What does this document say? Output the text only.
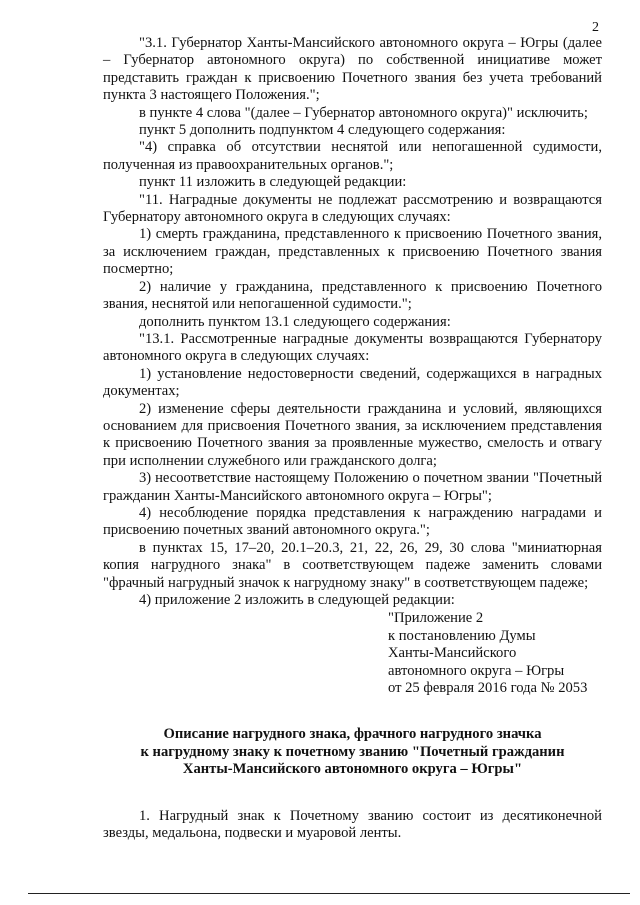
2

"3.1. Губернатор Ханты-Мансийского автономного округа – Югры (далее – Губернатор автономного округа) по собственной инициативе может представить граждан к присвоению Почетного звания без учета требований пункта 3 настоящего Положения.";

в пункте 4 слова "(далее – Губернатор автономного округа)" исключить;

пункт 5 дополнить подпунктом 4 следующего содержания:

"4) справка об отсутствии неснятой или непогашенной судимости, полученная из правоохранительных органов.";

пункт 11 изложить в следующей редакции:

"11. Наградные документы не подлежат рассмотрению и возвращаются Губернатору автономного округа в следующих случаях:

1) смерть гражданина, представленного к присвоению Почетного звания, за исключением граждан, представленных к присвоению Почетного звания посмертно;

2) наличие у гражданина, представленного к присвоению Почетного звания, неснятой или непогашенной судимости.";

дополнить пунктом 13.1 следующего содержания:

"13.1. Рассмотренные наградные документы возвращаются Губернатору автономного округа в следующих случаях:

1) установление недостоверности сведений, содержащихся в наградных документах;

2) изменение сферы деятельности гражданина и условий, являющихся основанием для присвоения Почетного звания, за исключением представления к присвоению Почетного звания за проявленные мужество, смелость и отвагу при исполнении служебного или гражданского долга;

3) несоответствие настоящему Положению о почетном звании "Почетный гражданин Ханты-Мансийского автономного округа – Югры";

4) несоблюдение порядка представления к награждению наградами и присвоению почетных званий автономного округа.";

в пунктах 15, 17–20, 20.1–20.3, 21, 22, 26, 29, 30 слова "миниатюрная копия нагрудного знака" в соответствующем падеже заменить словами "фрачный нагрудный значок к нагрудному знаку" в соответствующем падеже;

4) приложение 2 изложить в следующей редакции:

"Приложение 2
к постановлению Думы
Ханты-Мансийского
автономного округа – Югры
от 25 февраля 2016 года № 2053
Описание нагрудного знака, фрачного нагрудного значка
к нагрудному знаку к почетному званию "Почетный гражданин
Ханты-Мансийского автономного округа – Югры"

1. Нагрудный знак к Почетному званию состоит из десятиконечной звезды, медальона, подвески и муаровой ленты.
